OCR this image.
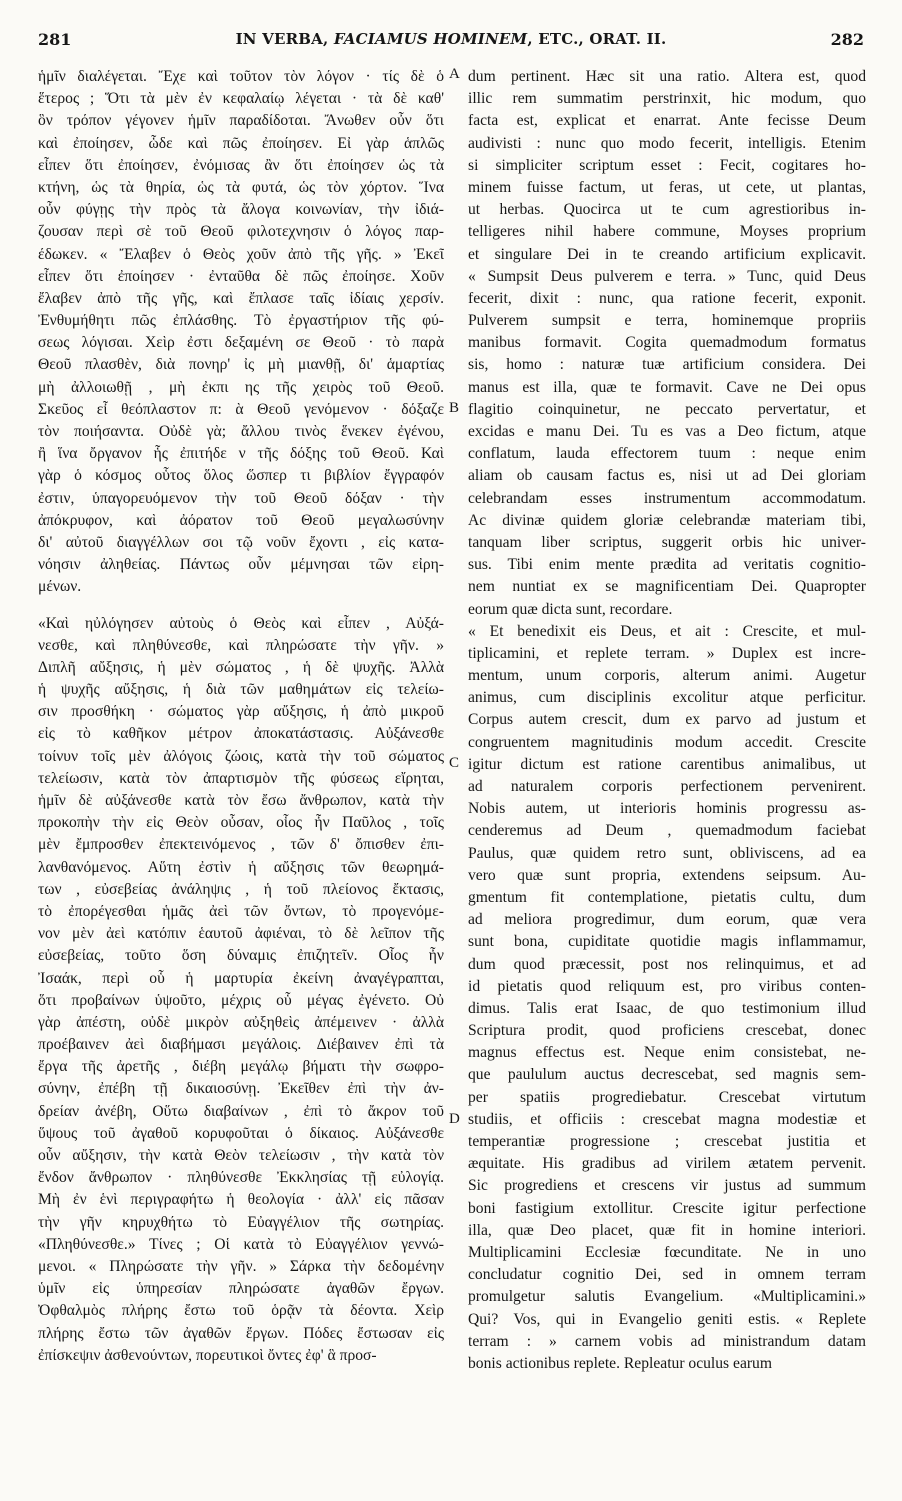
281	IN VERBA, FACIAMUS HOMINEM, ETC., ORAT. II.	282
ἡμῖν διαλέγεται. Ἔχε καὶ τοῦτον τὸν λόγον · τίς δὲ ὁ
ἕτερος ; Ὅτι τὰ μὲν ἐν κεφαλαίῳ λέγεται · τὰ δὲ καθ'
ὃν τρόπον γέγονεν ἡμῖν παραδίδοται. Ἄνωθεν οὖν ὅτι
καὶ ἐποίησεν, ὧδε καὶ πῶς ἐποίησεν. Εἰ γὰρ ἁπλῶς
εἶπεν ὅτι ἐποίησεν, ἐνόμισας ἂν ὅτι ἐποίησεν ὡς τὰ
κτήνη, ὡς τὰ θηρία, ὡς τὰ φυτά, ὡς τὸν χόρτον. Ἵνα
οὖν φύγῃς τὴν πρὸς τὰ ἄλογα κοινωνίαν, τὴν ἰδιά-
ζουσαν περὶ σὲ τοῦ Θεοῦ φιλοτεχνησιν ὁ λόγος παρ-
έδωκεν. « Ἔλαβεν ὁ Θεὸς χοῦν ἀπὸ τῆς γῆς. » Ἐκεῖ
εἶπεν ὅτι ἐποίησεν · ἐνταῦθα δὲ πῶς ἐποίησε. Χοῦν
ἔλαβεν ἀπὸ τῆς γῆς, καὶ ἔπλασε ταῖς ἰδίαις χερσίν.
Ἐνθυμήθητι πῶς ἐπλάσθης. Τὸ ἐργαστήριον τῆς φύ-
σεως λόγισαι. Χεὶρ ἐστι δεξαμένη σε Θεοῦ · τὸ παρὰ
Θεοῦ πλασθὲν, διὰ πονηρ' ἰς μὴ μιανθῇ, δι' ἁμαρτίας
μὴ ἀλλοιωθῇ , μὴ ἐκπι ης τῆς χειρὸς τοῦ Θεοῦ.
Σκεῦος εἶ θεόπλαστον π: ὰ Θεοῦ γενόμενον · δόξαζε
τὸν ποιήσαντα. Οὐδὲ γὰ; ἄλλου τινὸς ἕνεκεν ἐγένου,
ἢ ἵνα ὄργανον ἧς ἐπιτήδε ν τῆς δόξης τοῦ Θεοῦ. Καὶ
γὰρ ὁ κόσμος οὗτος ὅλος ὥσπερ τι βιβλίον ἔγγραφόν
ἐστιν, ὑπαγορευόμενον τὴν τοῦ Θεοῦ δόξαν · τὴν
ἀπόκρυφον, καὶ ἀόρατον τοῦ Θεοῦ μεγαλωσύνην
δι' αὐτοῦ διαγγέλλων σοι τῷ νοῦν ἔχοντι , εἰς κατα-
νόησιν ἀληθείας. Πάντως οὖν μέμνησαι τῶν εἰρη-
μένων.
«Καὶ ηὐλόγησεν αὐτοὺς ὁ Θεὸς καὶ εἶπεν , Αὐξά-
νεσθε, καὶ πληθύνεσθε, καὶ πληρώσατε τὴν γῆν. »
Διπλῆ αὔξησις, ἡ μὲν σώματος , ἡ δὲ ψυχῆς. Ἀλλὰ
ἡ ψυχῆς αὔξησις, ἡ διὰ τῶν μαθημάτων εἰς τελείω-
σιν προσθήκη · σώματος γὰρ αὔξησις, ἡ ἀπὸ μικροῦ
εἰς τὸ καθῆκον μέτρον ἀποκατάστασις. Αὐξάνεσθε
τοίνυν τοῖς μὲν ἀλόγοις ζώοις, κατὰ τὴν τοῦ σώματος
τελείωσιν, κατὰ τὸν ἀπαρτισμὸν τῆς φύσεως εἴρηται,
ἡμῖν δὲ αὐξάνεσθε κατὰ τὸν ἔσω ἄνθρωπον, κατὰ τὴν
προκοπὴν τὴν εἰς Θεὸν οὖσαν, οἷος ἦν Παῦλος , τοῖς
μὲν ἔμπροσθεν ἐπεκτεινόμενος , τῶν δ' ὄπισθεν ἐπι-
λανθανόμενος. Αὕτη ἐστὶν ἡ αὔξησις τῶν θεωρημά-
των , εὐσεβείας ἀνάληψις , ἡ τοῦ πλείονος ἔκτασις,
τὸ ἐπορέγεσθαι ἡμᾶς ἀεὶ τῶν ὄντων, τὸ προγενόμε-
νον μὲν ἀεὶ κατόπιν ἑαυτοῦ ἀφιέναι, τὸ δὲ λεῖπον τῆς
εὐσεβείας, τοῦτο ὅση δύναμις ἐπιζητεῖν. Οἷος ἦν
Ἰσαάκ, περὶ οὗ ἡ μαρτυρία ἐκείνη ἀναγέγραπται,
ὅτι προβαίνων ὑψοῦτο, μέχρις οὗ μέγας ἐγένετο. Οὐ
γὰρ ἀπέστη, οὐδὲ μικρὸν αὐξηθεὶς ἀπέμεινεν · ἀλλὰ
προέβαινεν ἀεὶ διαβήμασι μεγάλοις. Διέβαινεν ἐπὶ τὰ
ἔργα τῆς ἀρετῆς , διέβη μεγάλῳ βήματι τὴν σωφρο-
σύνην, ἐπέβη τῇ δικαιοσύνῃ. Ἐκεῖθεν ἐπὶ τὴν ἀν-
δρείαν ἀνέβη, Οὕτω διαβαίνων , ἐπὶ τὸ ἄκρον τοῦ
ὕψους τοῦ ἀγαθοῦ κορυφοῦται ὁ δίκαιος. Αὐξάνεσθε
οὖν αὔξησιν, τὴν κατὰ Θεὸν τελείωσιν , τὴν κατὰ τὸν
ἔνδον ἄνθρωπον · πληθύνεσθε Ἐκκλησίας τῇ εὐλογίᾳ.
Μὴ ἐν ἑνὶ περιγραφήτω ἡ θεολογία · ἀλλ' εἰς πᾶσαν
τὴν γῆν κηρυχθήτω τὸ Εὐαγγέλιον τῆς σωτηρίας.
«Πληθύνεσθε.» Τίνες ; Οἱ κατὰ τὸ Εὐαγγέλιον γεννώ-
μενοι. « Πληρώσατε τὴν γῆν. » Σάρκα τὴν δεδομένην
ὑμῖν εἰς ὑπηρεσίαν πληρώσατε ἀγαθῶν ἔργων.
Ὀφθαλμὸς πλήρης ἔστω τοῦ ὁρᾷν τὰ δέοντα. Χεὶρ
πλήρης ἔστω τῶν ἀγαθῶν ἔργων. Πόδες ἔστωσαν εἰς
ἐπίσκεψιν ἀσθενούντων, πορευτικοὶ ὄντες ἐφ' ἃ προσ-
dum pertinent. Hæc sit una ratio. Altera est, quod
illic rem summatim perstrinxit, hic modum, quo
facta est, explicat et enarrat. Ante fecisse Deum
audivisti : nunc quo modo fecerit, intelligis. Etenim
si simpliciter scriptum esset : Fecit, cogitares ho-
minem fuisse factum, ut feras, ut cete, ut plantas,
ut herbas. Quocirca ut te cum agrestioribus in-
telligeres nihil habere commune, Moyses proprium
et singulare Dei in te creando artificium explicavit.
« Sumpsit Deus pulverem e terra. » Tunc, quid Deus
fecerit, dixit : nunc, qua ratione fecerit, exponit.
Pulverem sumpsit e terra, hominemque propriis
manibus formavit. Cogita quemadmodum formatus
sis, homo : naturæ tuæ artificium considera. Dei
manus est illa, quæ te formavit. Cave ne Dei opus
flagitio coinquinetur, ne peccato pervertatur, et
excidas e manu Dei. Tu es vas a Deo fictum, atque
conflatum, lauda effectorem tuum : neque enim
aliam ob causam factus es, nisi ut ad Dei gloriam
celebrandam esses instrumentum accommodatum.
Ac divinæ quidem gloriæ celebrandæ materiam tibi,
tanquam liber scriptus, suggerit orbis hic univer-
sus. Tibi enim mente prædita ad veritatis cognitio-
nem nuntiat ex se magnificentiam Dei. Quapropter
eorum quæ dicta sunt, recordare.
« Et benedixit eis Deus, et ait : Crescite, et mul-
tiplicamini, et replete terram. » Duplex est incre-
mentum, unum corporis, alterum animi. Augetur
animus, cum disciplinis excolitur atque perficitur.
Corpus autem crescit, dum ex parvo ad justum et
congruentem magnitudinis modum accedit. Crescite
igitur dictum est ratione carentibus animalibus, ut
ad naturalem corporis perfectionem pervenirent.
Nobis autem, ut interioris hominis progressu as-
cenderemus ad Deum , quemadmodum faciebat
Paulus, quæ quidem retro sunt, obliviscens, ad ea
vero quæ sunt propria, extendens seipsum. Au-
gmentum fit contemplatione, pietatis cultu, dum
ad meliora progredimur, dum eorum, quæ vera
sunt bona, cupiditate quotidie magis inflammamur,
dum quod præcessit, post nos relinquimus, et ad
id pietatis quod reliquum est, pro viribus conten-
dimus. Talis erat Isaac, de quo testimonium illud
Scriptura prodit, quod proficiens crescebat, donec
magnus effectus est. Neque enim consistebat, ne-
que paululum auctus decrescebat, sed magnis sem-
per spatiis progrediebatur. Crescebat virtutum
studiis, et officiis : crescebat magna modestiæ et
temperantiæ progressione ; crescebat justitia et
æquitate. His gradibus ad virilem ætatem pervenit.
Sic progrediens et crescens vir justus ad summum
boni fastigium extollitur. Crescite igitur perfectione
illa, quæ Deo placet, quæ fit in homine interiori.
Multiplicamini Ecclesiæ fœcunditate. Ne in uno
concludatur cognitio Dei, sed in omnem terram
promulgetur salutis Evangelium. «Multiplicamini.»
Qui? Vos, qui in Evangelio geniti estis. « Replete
terram : » carnem vobis ad ministrandum datam
bonis actionibus replete. Repleatur oculus earum
A
B
C
D
